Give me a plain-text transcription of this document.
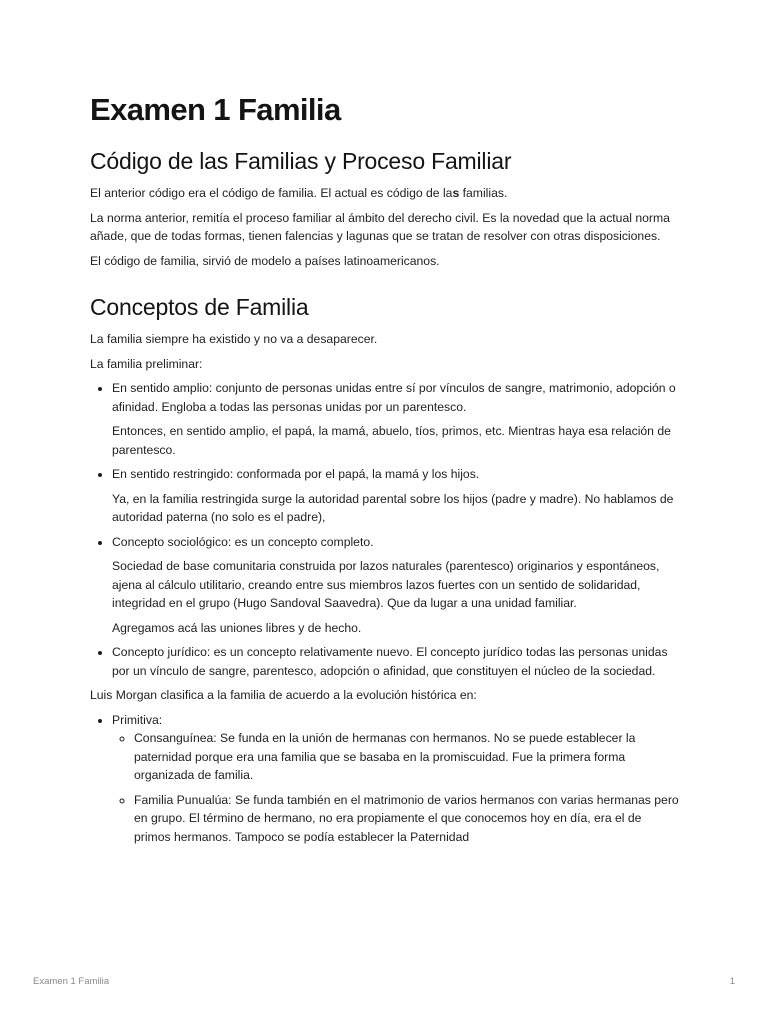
Examen 1 Familia
Código de las Familias y Proceso Familiar

El anterior código era el código de familia. El actual es código de las familias.

La norma anterior, remitía el proceso familiar al ámbito del derecho civil. Es la novedad que la actual norma añade, que de todas formas, tienen falencias y lagunas que se tratan de resolver con otras disposiciones.

El código de familia, sirvió de modelo a países latinoamericanos.

Conceptos de Familia

La familia siempre ha existido y no va a desaparecer.

La familia preliminar:

• En sentido amplio: conjunto de personas unidas entre sí por vínculos de sangre, matrimonio, adopción o afinidad. Engloba a todas las personas unidas por un parentesco.

Entonces, en sentido amplio, el papá, la mamá, abuelo, tíos, primos, etc. Mientras haya esa relación de parentesco.

• En sentido restringido: conformada por el papá, la mamá y los hijos.

Ya, en la familia restringida surge la autoridad parental sobre los hijos (padre y madre). No hablamos de autoridad paterna (no solo es el padre),

• Concepto sociológico: es un concepto completo.

Sociedad de base comunitaria construida por lazos naturales (parentesco) originarios y espontáneos, ajena al cálculo utilitario, creando entre sus miembros lazos fuertes con un sentido de solidaridad, integridad en el grupo (Hugo Sandoval Saavedra). Que da lugar a una unidad familiar.

Agregamos acá las uniones libres y de hecho.

• Concepto jurídico: es un concepto relativamente nuevo. El concepto jurídico todas las personas unidas por un vínculo de sangre, parentesco, adopción o afinidad, que constituyen el núcleo de la sociedad.

Luis Morgan clasifica a la familia de acuerdo a la evolución histórica en:

• Primitiva:
◦ Consanguínea: Se funda en la unión de hermanas con hermanos. No se puede establecer la paternidad porque era una familia que se basaba en la promiscuidad. Fue la primera forma organizada de familia.
◦ Familia Punualúa: Se funda también en el matrimonio de varios hermanos con varias hermanas pero en grupo. El término de hermano, no era propiamente el que conocemos hoy en día, era el de primos hermanos. Tampoco se podía establecer la Paternidad
Examen 1 Familia	1
